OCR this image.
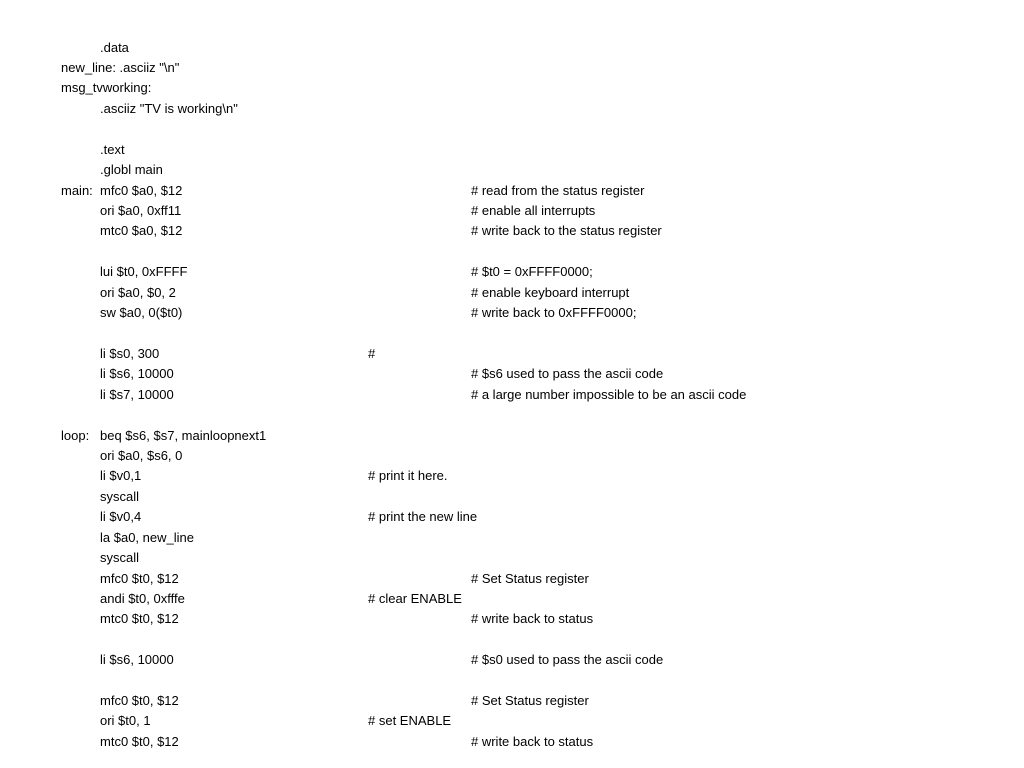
.data
new_line: .asciiz "\n"
msg_tvworking:
.asciiz "TV is working\n"
.text
.globl main
main: mfc0 $a0, $12	# read from the status register
ori $a0, 0xff11	# enable all interrupts
mtc0 $a0, $12	# write back to the status register
lui $t0, 0xFFFF	# $t0 = 0xFFFF0000;
ori $a0, $0, 2	# enable keyboard interrupt
sw $a0, 0($t0)	# write back to 0xFFFF0000;
li $s0, 300	#
li $s6, 10000	# $s6 used to pass the ascii code
li $s7, 10000	# a large number impossible to be an ascii code
loop: beq $s6, $s7, mainloopnext1
ori $a0, $s6, 0
li $v0,1	# print it here.
syscall
li $v0,4	# print the new line
la $a0, new_line
syscall
mfc0 $t0, $12	# Set Status register
andi $t0, 0xfffe	# clear ENABLE
mtc0 $t0, $12	# write back to status
li $s6, 10000	# $s0 used to pass the ascii code
mfc0 $t0, $12	# Set Status register
ori $t0, 1	# set ENABLE
mtc0 $t0, $12	# write back to status
